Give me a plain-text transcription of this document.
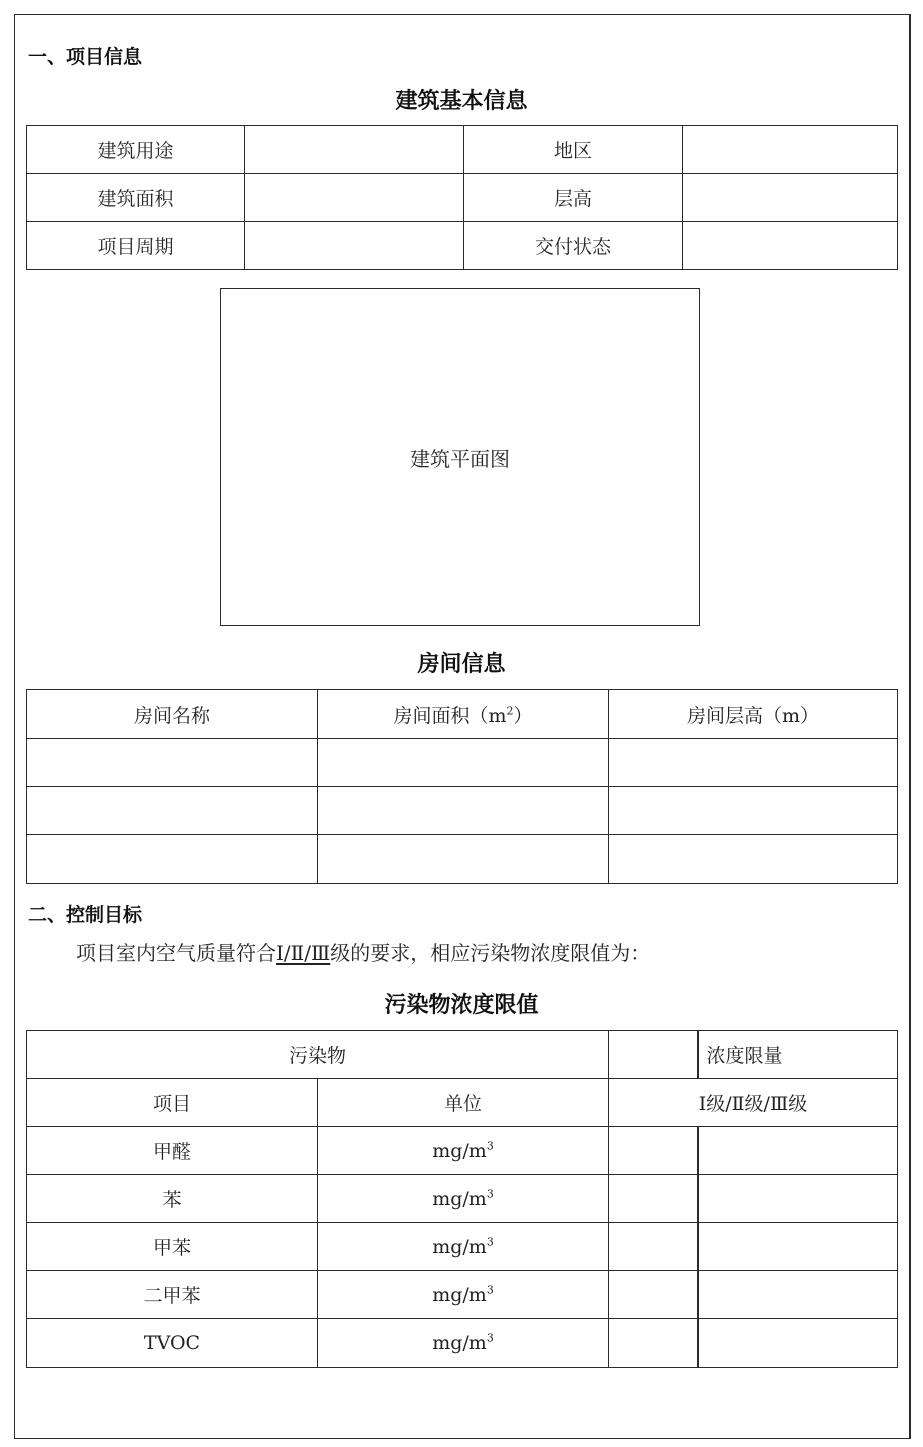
一、项目信息
建筑基本信息
建筑用途		地区	
建筑面积		层高	
项目周期		交付状态	
建筑平面图
房间信息
房间名称	房间面积$(m^2)$	房间层高（m）

二、控制目标
项目室内空气质量符合Ⅰ/Ⅱ/Ⅲ级的要求，相应污染物浓度限值为：
污染物浓度限值
污染物			浓度限量
项目	单位	Ⅰ级/Ⅱ级/Ⅲ级	
甲醛	$mg/m^3$	
苯	$mg/m^3$	
甲苯	$mg/m^3$	
二甲苯	$mg/m^3$	
TVOC	$mg/m^3$	
